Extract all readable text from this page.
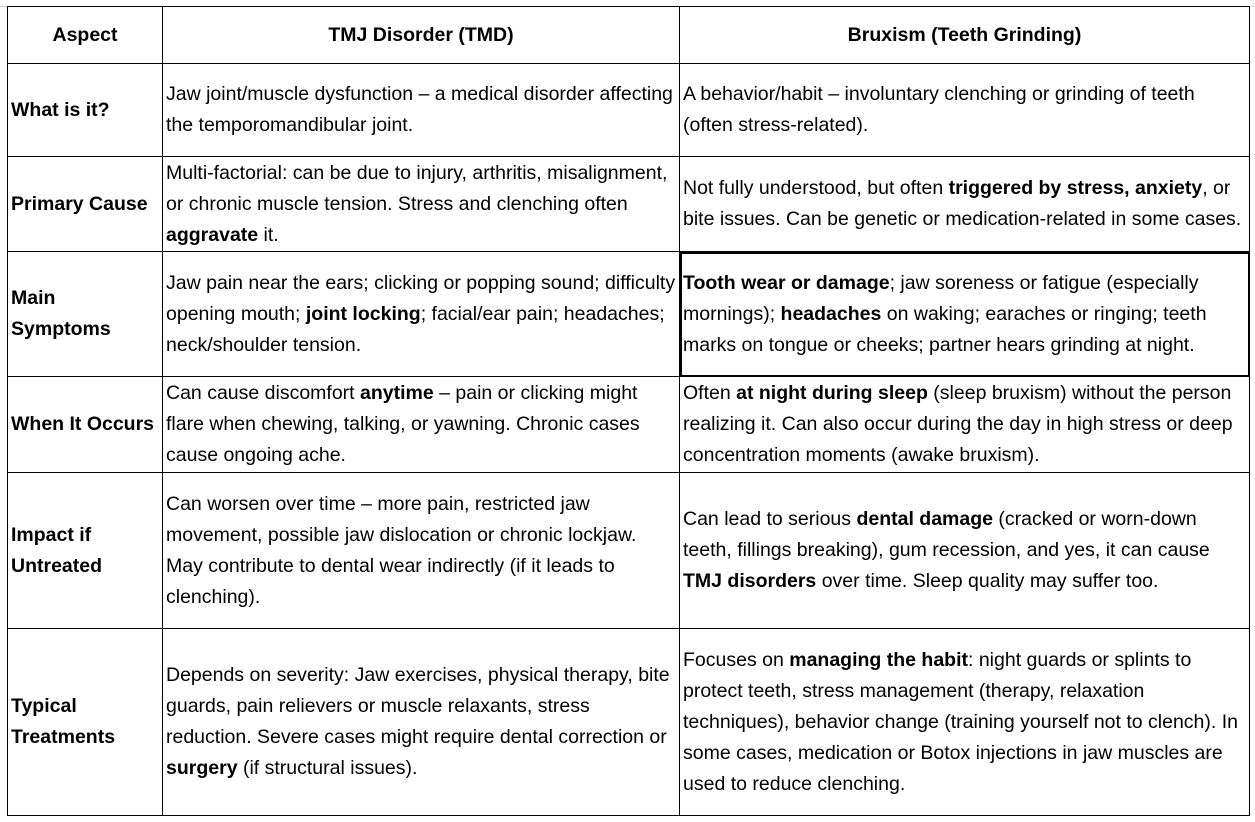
Aspect	TMJ Disorder (TMD)	Bruxism (Teeth Grinding)
What is it?	Jaw joint/muscle dysfunction – a medical disorder affecting the temporomandibular joint.	A behavior/habit – involuntary clenching or grinding of teeth (often stress-related).
Primary Cause	Multi-factorial: can be due to injury, arthritis, misalignment, or chronic muscle tension. Stress and clenching often aggravate it.	Not fully understood, but often triggered by stress, anxiety, or bite issues. Can be genetic or medication-related in some cases.
Main Symptoms	Jaw pain near the ears; clicking or popping sound; difficulty opening mouth; joint locking; facial/ear pain; headaches; neck/shoulder tension.	Tooth wear or damage; jaw soreness or fatigue (especially mornings); headaches on waking; earaches or ringing; teeth marks on tongue or cheeks; partner hears grinding at night.
When It Occurs	Can cause discomfort anytime – pain or clicking might flare when chewing, talking, or yawning. Chronic cases cause ongoing ache.	Often at night during sleep (sleep bruxism) without the person realizing it. Can also occur during the day in high stress or deep concentration moments (awake bruxism).
Impact if Untreated	Can worsen over time – more pain, restricted jaw movement, possible jaw dislocation or chronic lockjaw. May contribute to dental wear indirectly (if it leads to clenching).	Can lead to serious dental damage (cracked or worn-down teeth, fillings breaking), gum recession, and yes, it can cause TMJ disorders over time. Sleep quality may suffer too.
Typical Treatments	Depends on severity: Jaw exercises, physical therapy, bite guards, pain relievers or muscle relaxants, stress reduction. Severe cases might require dental correction or surgery (if structural issues).	Focuses on managing the habit: night guards or splints to protect teeth, stress management (therapy, relaxation techniques), behavior change (training yourself not to clench). In some cases, medication or Botox injections in jaw muscles are used to reduce clenching.
